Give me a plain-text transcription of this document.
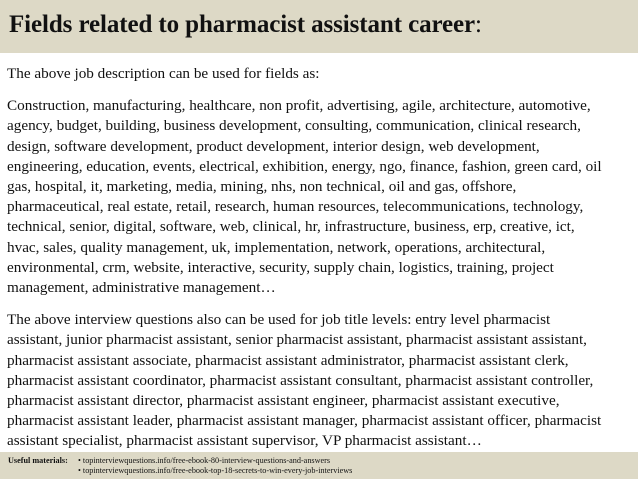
Fields related to pharmacist assistant career:

The above job description can be used for fields as:

Construction, manufacturing, healthcare, non profit, advertising, agile, architecture, automotive,
agency, budget, building, business development, consulting, communication, clinical research,
design, software development, product development, interior design, web development,
engineering, education, events, electrical, exhibition, energy, ngo, finance, fashion, green card, oil
gas, hospital, it, marketing, media, mining, nhs, non technical, oil and gas, offshore,
pharmaceutical, real estate, retail, research, human resources, telecommunications, technology,
technical, senior, digital, software, web, clinical, hr, infrastructure, business, erp, creative, ict,
hvac, sales, quality management, uk, implementation, network, operations, architectural,
environmental, crm, website, interactive, security, supply chain, logistics, training, project
management, administrative management…

The above interview questions also can be used for job title levels: entry level pharmacist
assistant, junior pharmacist assistant, senior pharmacist assistant, pharmacist assistant assistant,
pharmacist assistant associate, pharmacist assistant administrator, pharmacist assistant clerk,
pharmacist assistant coordinator, pharmacist assistant consultant, pharmacist assistant controller,
pharmacist assistant director, pharmacist assistant engineer, pharmacist assistant executive,
pharmacist assistant leader, pharmacist assistant manager, pharmacist assistant officer, pharmacist
assistant specialist, pharmacist assistant supervisor, VP pharmacist assistant…

Useful materials: • topinterviewquestions.info/free-ebook-80-interview-questions-and-answers
• topinterviewquestions.info/free-ebook-top-18-secrets-to-win-every-job-interviews
